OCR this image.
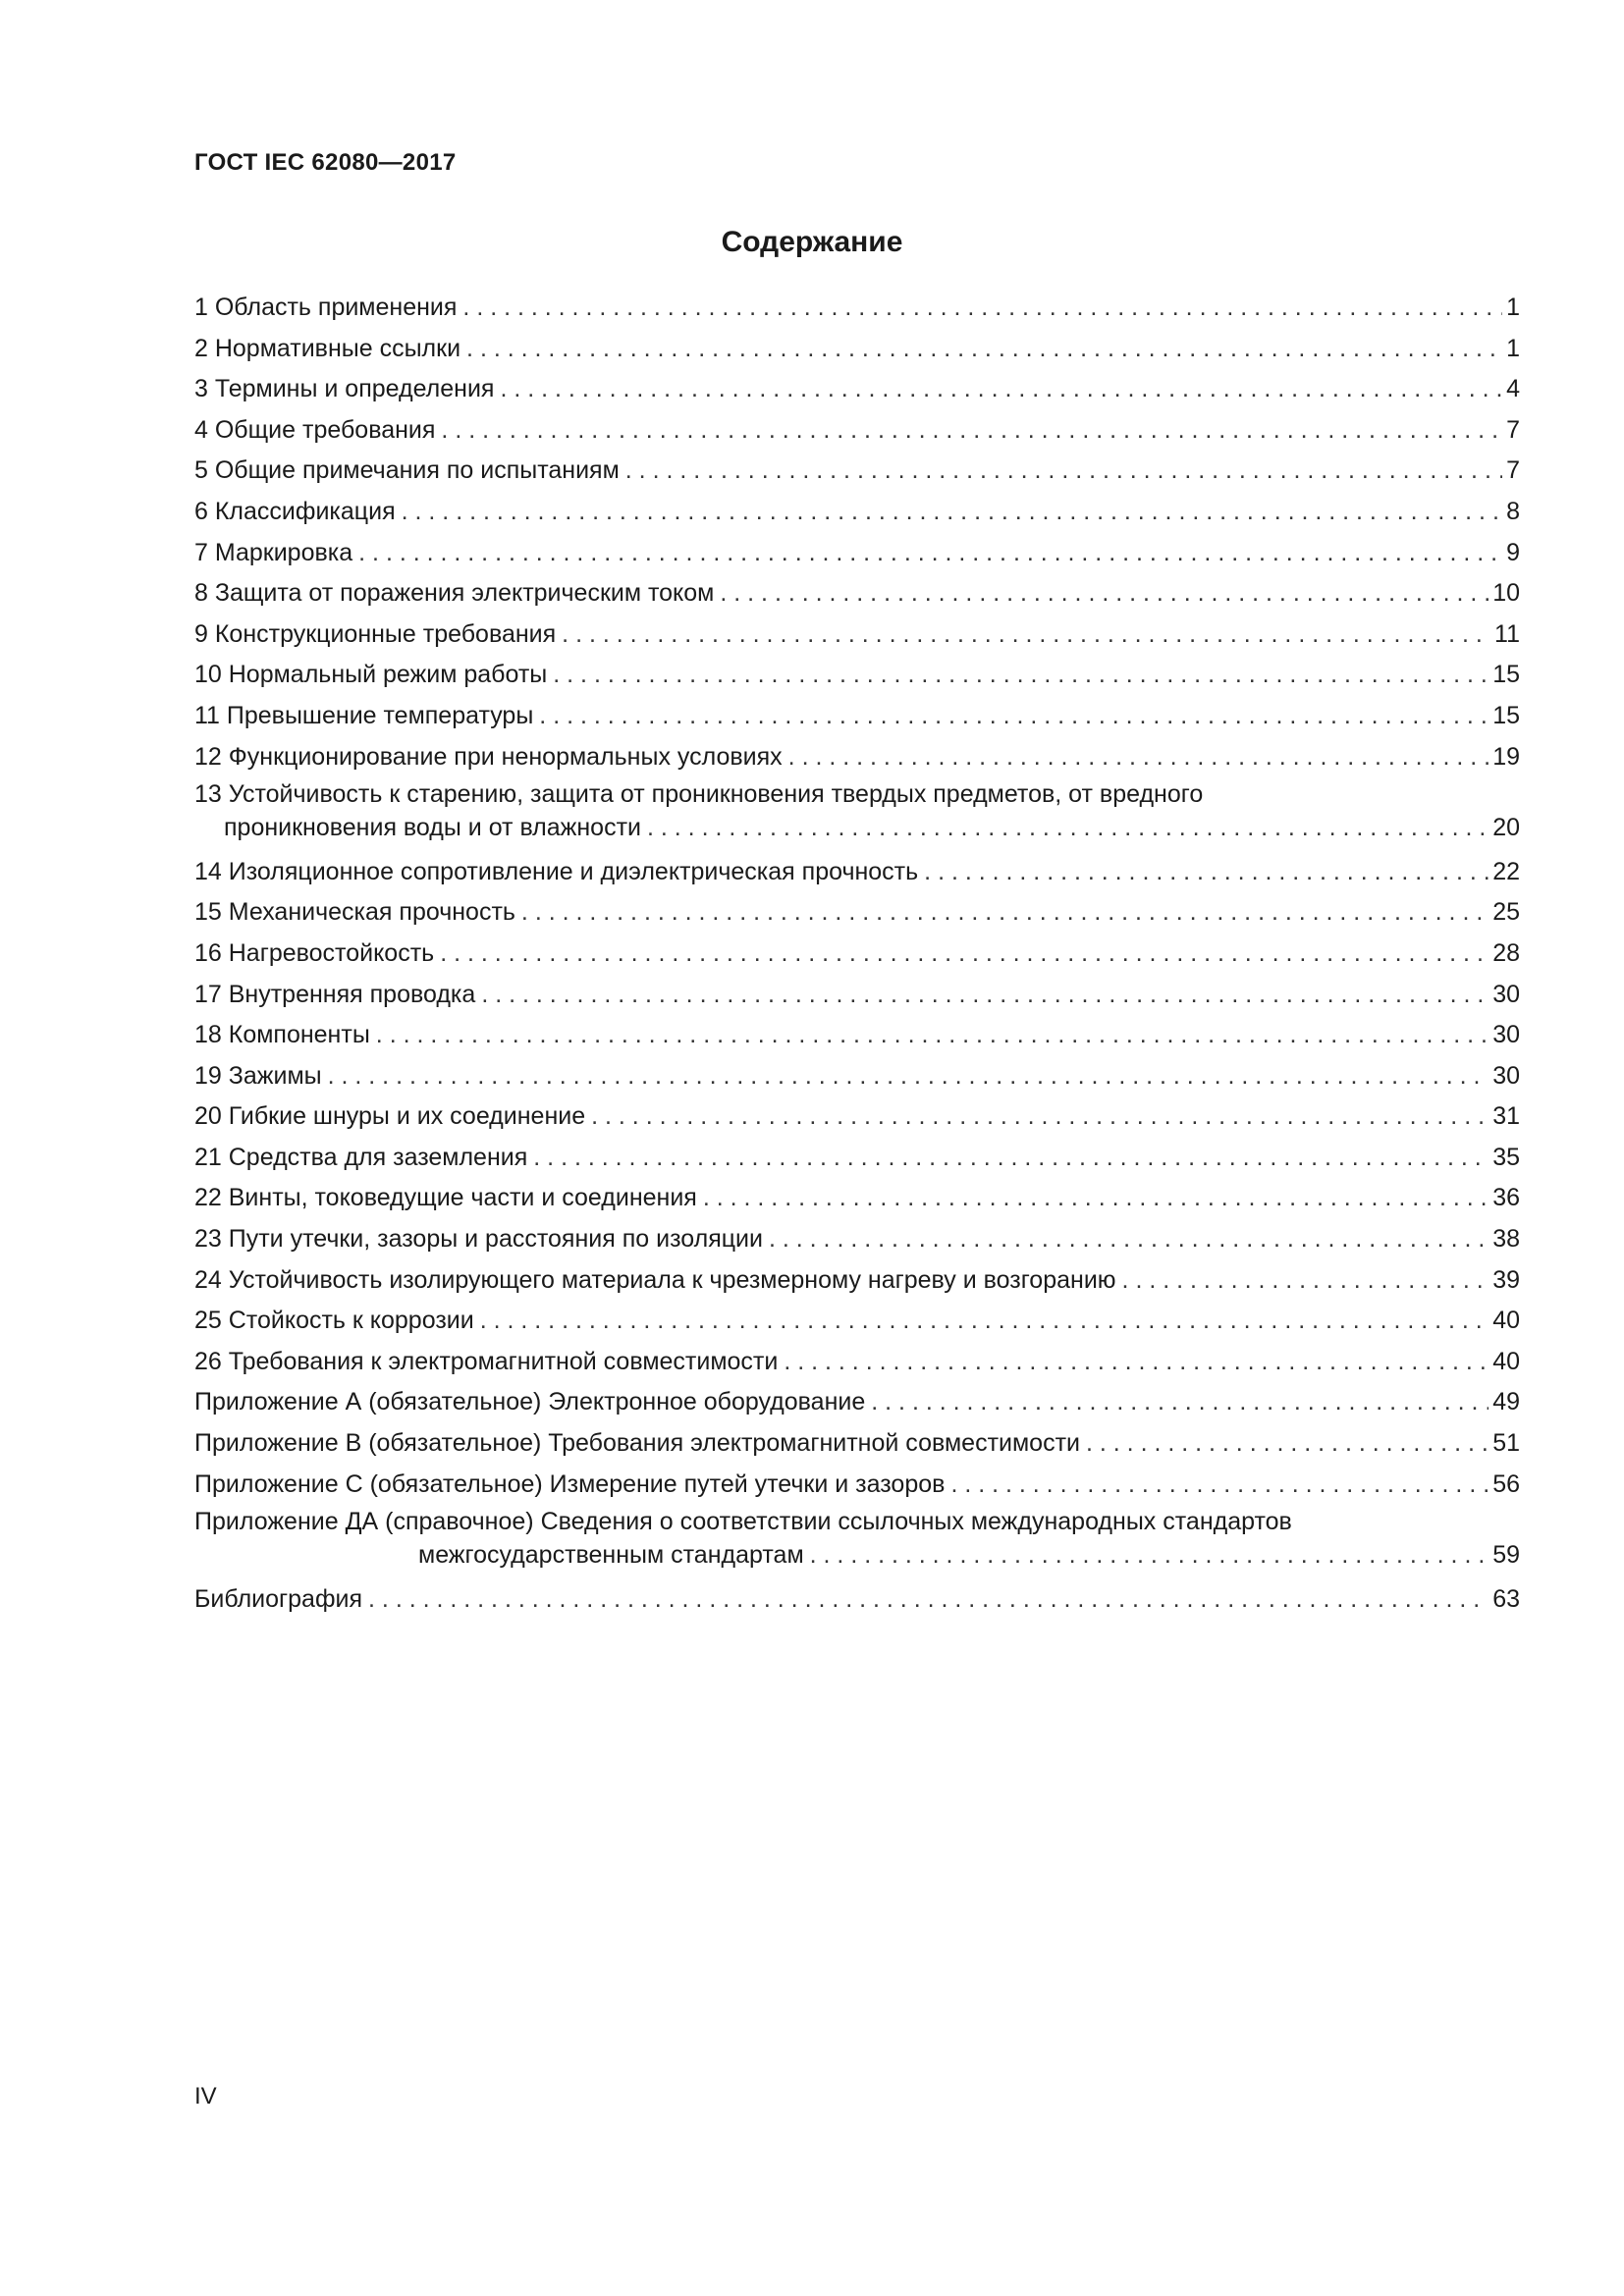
ГОСТ IEC 62080—2017
Содержание
1 Область применения . . .	1
2 Нормативные ссылки . . .	1
3 Термины и определения . . .	4
4 Общие требования . . .	7
5 Общие примечания по испытаниям . . .	7
6 Классификация . . .	8
7 Маркировка . . .	9
8 Защита от поражения электрическим током . . .	10
9 Конструкционные требования . . .	11
10 Нормальный режим работы . . .	15
11 Превышение температуры . . .	15
12 Функционирование при ненормальных условиях . . .	19
13 Устойчивость к старению, защита от проникновения твердых предметов, от вредного
проникновения воды и от влажности . . .	20
14 Изоляционное сопротивление и диэлектрическая прочность . . .	22
15 Механическая прочность . . .	25
16 Нагревостойкость . . .	28
17 Внутренняя проводка . . .	30
18 Компоненты . . .	30
19 Зажимы . . .	30
20 Гибкие шнуры и их соединение . . .	31
21 Средства для заземления . . .	35
22 Винты, токоведущие части и соединения . . .	36
23 Пути утечки, зазоры и расстояния по изоляции . . .	38
24 Устойчивость изолирующего материала к чрезмерному нагреву и возгоранию . . .	39
25 Стойкость к коррозии . . .	40
26 Требования к электромагнитной совместимости . . .	40
Приложение А (обязательное) Электронное оборудование . . .	49
Приложение В (обязательное) Требования электромагнитной совместимости . . .	51
Приложение С (обязательное) Измерение путей утечки и зазоров . . .	56
Приложение ДА (справочное) Сведения о соответствии ссылочных международных стандартов
межгосударственным стандартам . . .	59
Библиография . . .	63
IV
